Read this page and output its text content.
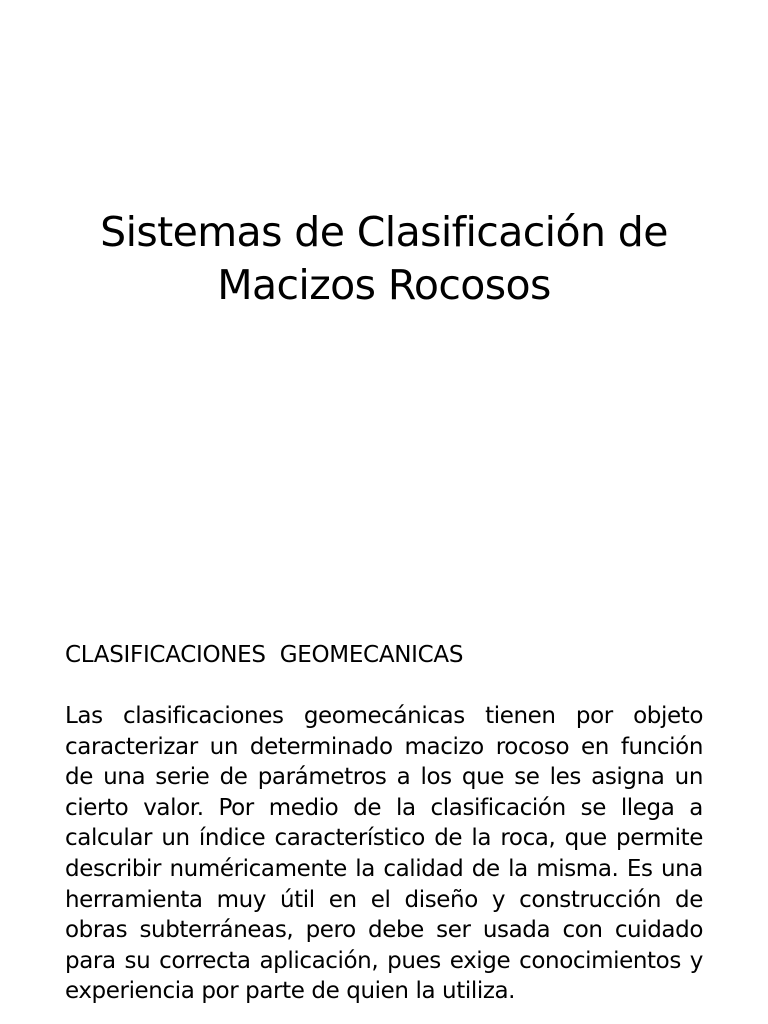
Sistemas de Clasificación de
Macizos Rocosos
CLASIFICACIONES  GEOMECANICAS

Las clasificaciones geomecánicas tienen por objeto caracterizar un determinado macizo rocoso en función de una serie de parámetros a los que se les asigna un cierto valor. Por medio de la clasificación se llega a calcular un índice característico de la roca, que permite describir numéricamente la calidad de la misma. Es una herramienta muy útil en el diseño y construcción de obras subterráneas, pero debe ser usada con cuidado para su correcta aplicación, pues exige conocimientos y experiencia por parte de quien la utiliza.
